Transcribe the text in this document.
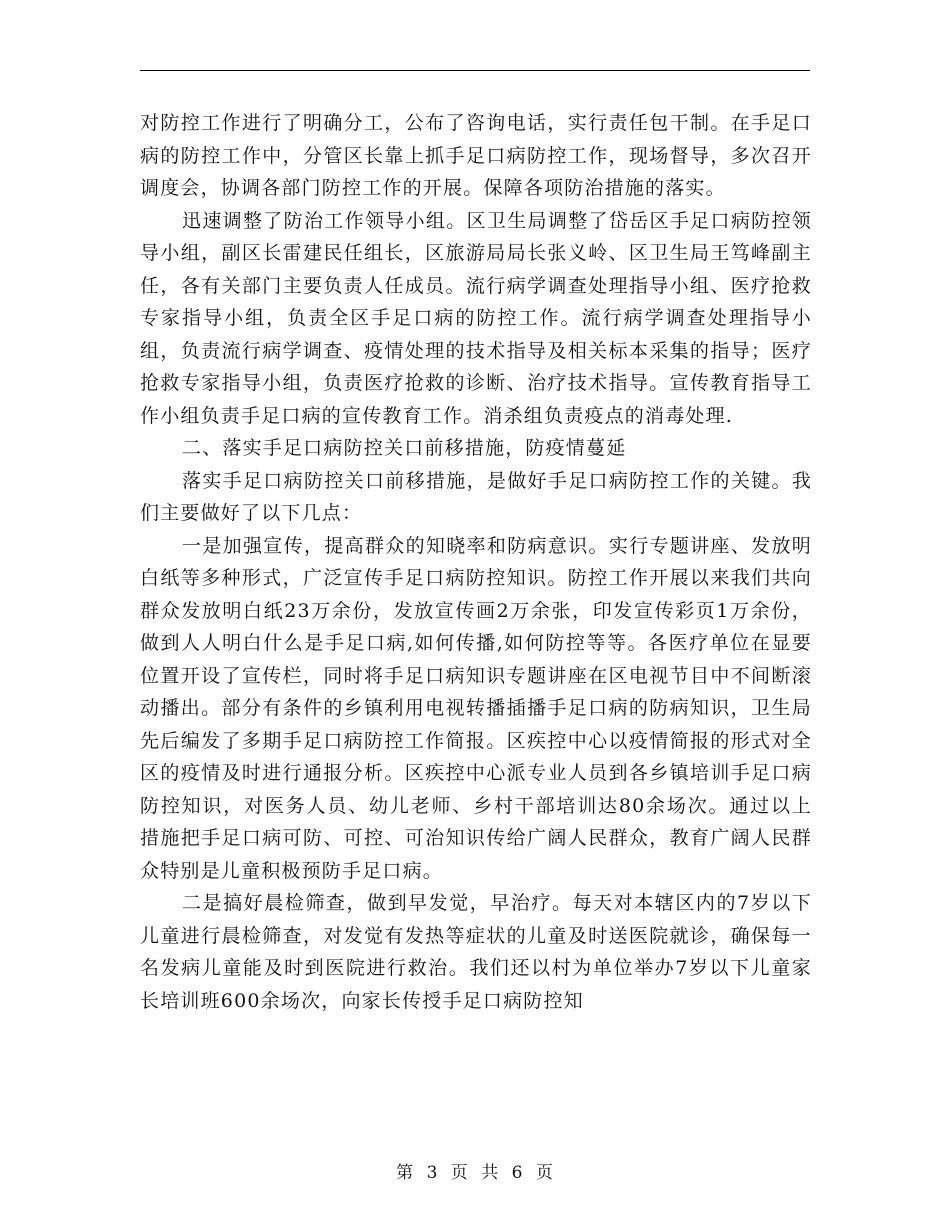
对防控工作进行了明确分工，公布了咨询电话，实行责任包干制。在手足口病的防控工作中，分管区长靠上抓手足口病防控工作，现场督导，多次召开调度会，协调各部门防控工作的开展。保障各项防治措施的落实。

迅速调整了防治工作领导小组。区卫生局调整了岱岳区手足口病防控领导小组，副区长雷建民任组长，区旅游局局长张义岭、区卫生局王笃峰副主任，各有关部门主要负责人任成员。流行病学调查处理指导小组、医疗抢救专家指导小组，负责全区手足口病的防控工作。流行病学调查处理指导小组，负责流行病学调查、疫情处理的技术指导及相关标本采集的指导；医疗抢救专家指导小组，负责医疗抢救的诊断、治疗技术指导。宣传教育指导工作小组负责手足口病的宣传教育工作。消杀组负责疫点的消毒处理.

二、落实手足口病防控关口前移措施，防疫情蔓延

落实手足口病防控关口前移措施，是做好手足口病防控工作的关键。我们主要做好了以下几点：

一是加强宣传，提高群众的知晓率和防病意识。实行专题讲座、发放明白纸等多种形式，广泛宣传手足口病防控知识。防控工作开展以来我们共向群众发放明白纸23万余份，发放宣传画2万余张，印发宣传彩页1万余份，做到人人明白什么是手足口病,如何传播,如何防控等等。各医疗单位在显要位置开设了宣传栏，同时将手足口病知识专题讲座在区电视节目中不间断滚动播出。部分有条件的乡镇利用电视转播插播手足口病的防病知识，卫生局先后编发了多期手足口病防控工作简报。区疾控中心以疫情简报的形式对全区的疫情及时进行通报分析。区疾控中心派专业人员到各乡镇培训手足口病防控知识，对医务人员、幼儿老师、乡村干部培训达80余场次。通过以上措施把手足口病可防、可控、可治知识传给广阔人民群众，教育广阔人民群众特别是儿童积极预防手足口病。

二是搞好晨检筛查，做到早发觉，早治疗。每天对本辖区内的7岁以下儿童进行晨检筛查，对发觉有发热等症状的儿童及时送医院就诊，确保每一名发病儿童能及时到医院进行救治。我们还以村为单位举办7岁以下儿童家长培训班600余场次，向家长传授手足口病防控知

第 3 页 共 6 页
